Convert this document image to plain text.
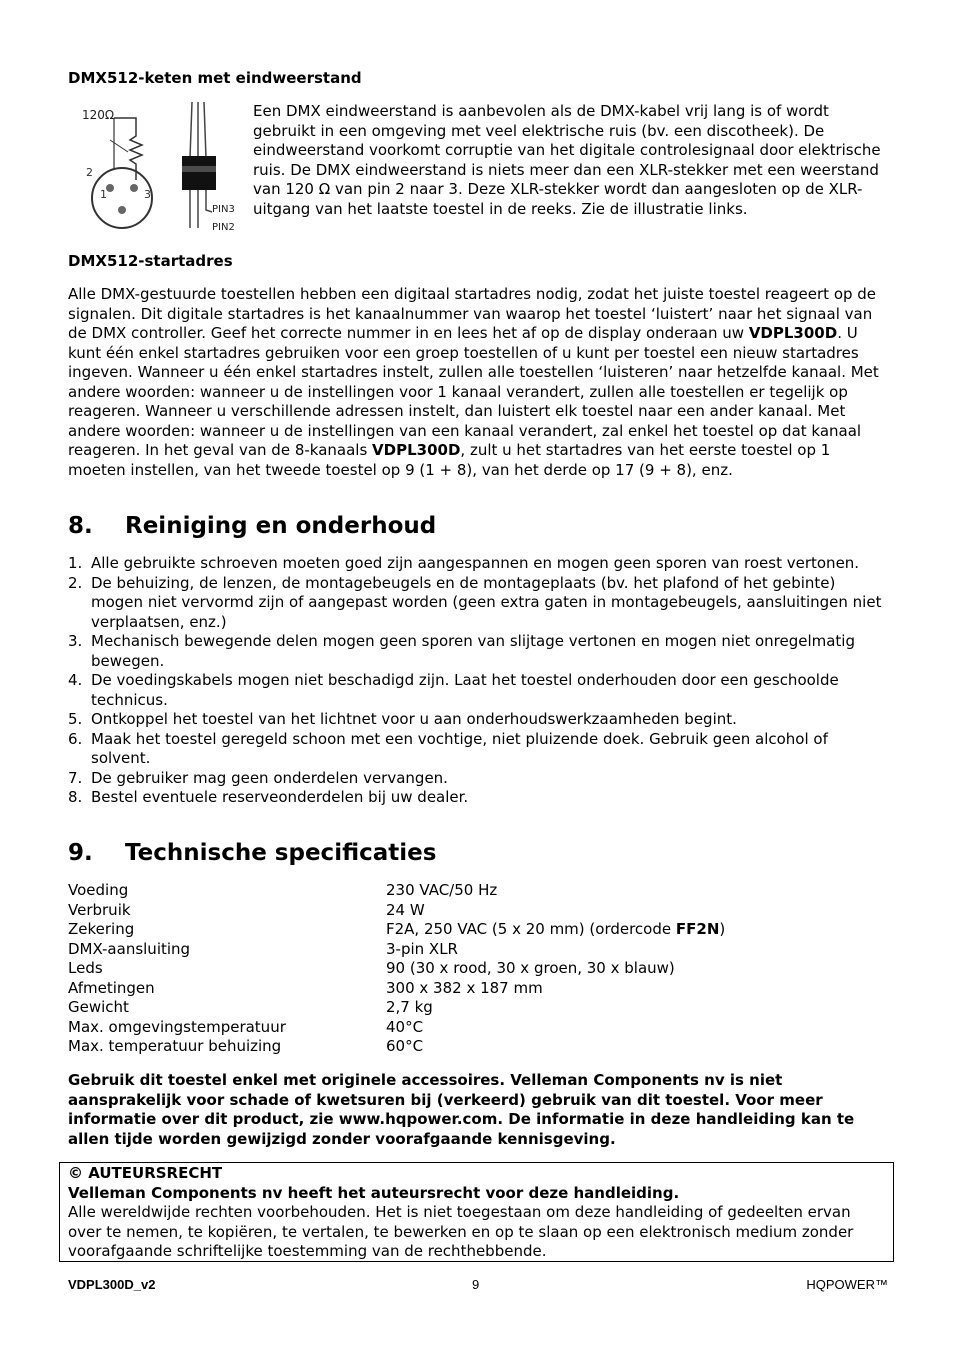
DMX512-keten met eindweerstand
120Ω
2
1	3
PIN3
PIN2
Een DMX eindweerstand is aanbevolen als de DMX-kabel vrij lang is of wordt gebruikt in een omgeving met veel elektrische ruis (bv. een discotheek). De eindweerstand voorkomt corruptie van het digitale controlesignaal door elektrische ruis. De DMX eindweerstand is niets meer dan een XLR-stekker met een weerstand van 120 Ω van pin 2 naar 3. Deze XLR-stekker wordt dan aangesloten op de XLR-uitgang van het laatste toestel in de reeks. Zie de illustratie links.
DMX512-startadres
Alle DMX-gestuurde toestellen hebben een digitaal startadres nodig, zodat het juiste toestel reageert op de signalen. Dit digitale startadres is het kanaalnummer van waarop het toestel ‘luistert’ naar het signaal van de DMX controller. Geef het correcte nummer in en lees het af op de display onderaan uw VDPL300D. U kunt één enkel startadres gebruiken voor een groep toestellen of u kunt per toestel een nieuw startadres ingeven. Wanneer u één enkel startadres instelt, zullen alle toestellen ‘luisteren’ naar hetzelfde kanaal. Met andere woorden: wanneer u de instellingen voor 1 kanaal verandert, zullen alle toestellen er tegelijk op reageren. Wanneer u verschillende adressen instelt, dan luistert elk toestel naar een ander kanaal. Met andere woorden: wanneer u de instellingen van een kanaal verandert, zal enkel het toestel op dat kanaal reageren. In het geval van de 8-kanaals VDPL300D, zult u het startadres van het eerste toestel op 1 moeten instellen, van het tweede toestel op 9 (1 + 8), van het derde op 17 (9 + 8), enz.
8. Reiniging en onderhoud
1. Alle gebruikte schroeven moeten goed zijn aangespannen en mogen geen sporen van roest vertonen.
2. De behuizing, de lenzen, de montagebeugels en de montageplaats (bv. het plafond of het gebinte) mogen niet vervormd zijn of aangepast worden (geen extra gaten in montagebeugels, aansluitingen niet verplaatsen, enz.)
3. Mechanisch bewegende delen mogen geen sporen van slijtage vertonen en mogen niet onregelmatig bewegen.
4. De voedingskabels mogen niet beschadigd zijn. Laat het toestel onderhouden door een geschoolde technicus.
5. Ontkoppel het toestel van het lichtnet voor u aan onderhoudswerkzaamheden begint.
6. Maak het toestel geregeld schoon met een vochtige, niet pluizende doek. Gebruik geen alcohol of solvent.
7. De gebruiker mag geen onderdelen vervangen.
8. Bestel eventuele reserveonderdelen bij uw dealer.
9. Technische specificaties
Voeding	230 VAC/50 Hz
Verbruik	24 W
Zekering	F2A, 250 VAC (5 x 20 mm) (ordercode FF2N)
DMX-aansluiting	3-pin XLR
Leds	90 (30 x rood, 30 x groen, 30 x blauw)
Afmetingen	300 x 382 x 187 mm
Gewicht	2,7 kg
Max. omgevingstemperatuur	40°C
Max. temperatuur behuizing	60°C
Gebruik dit toestel enkel met originele accessoires. Velleman Components nv is niet aansprakelijk voor schade of kwetsuren bij (verkeerd) gebruik van dit toestel. Voor meer informatie over dit product, zie www.hqpower.com. De informatie in deze handleiding kan te allen tijde worden gewijzigd zonder voorafgaande kennisgeving.
© AUTEURSRECHT
Velleman Components nv heeft het auteursrecht voor deze handleiding.
Alle wereldwijde rechten voorbehouden. Het is niet toegestaan om deze handleiding of gedeelten ervan over te nemen, te kopiëren, te vertalen, te bewerken en op te slaan op een elektronisch medium zonder voorafgaande schriftelijke toestemming van de rechthebbende.
VDPL300D_v2	9	HQPOWER™
